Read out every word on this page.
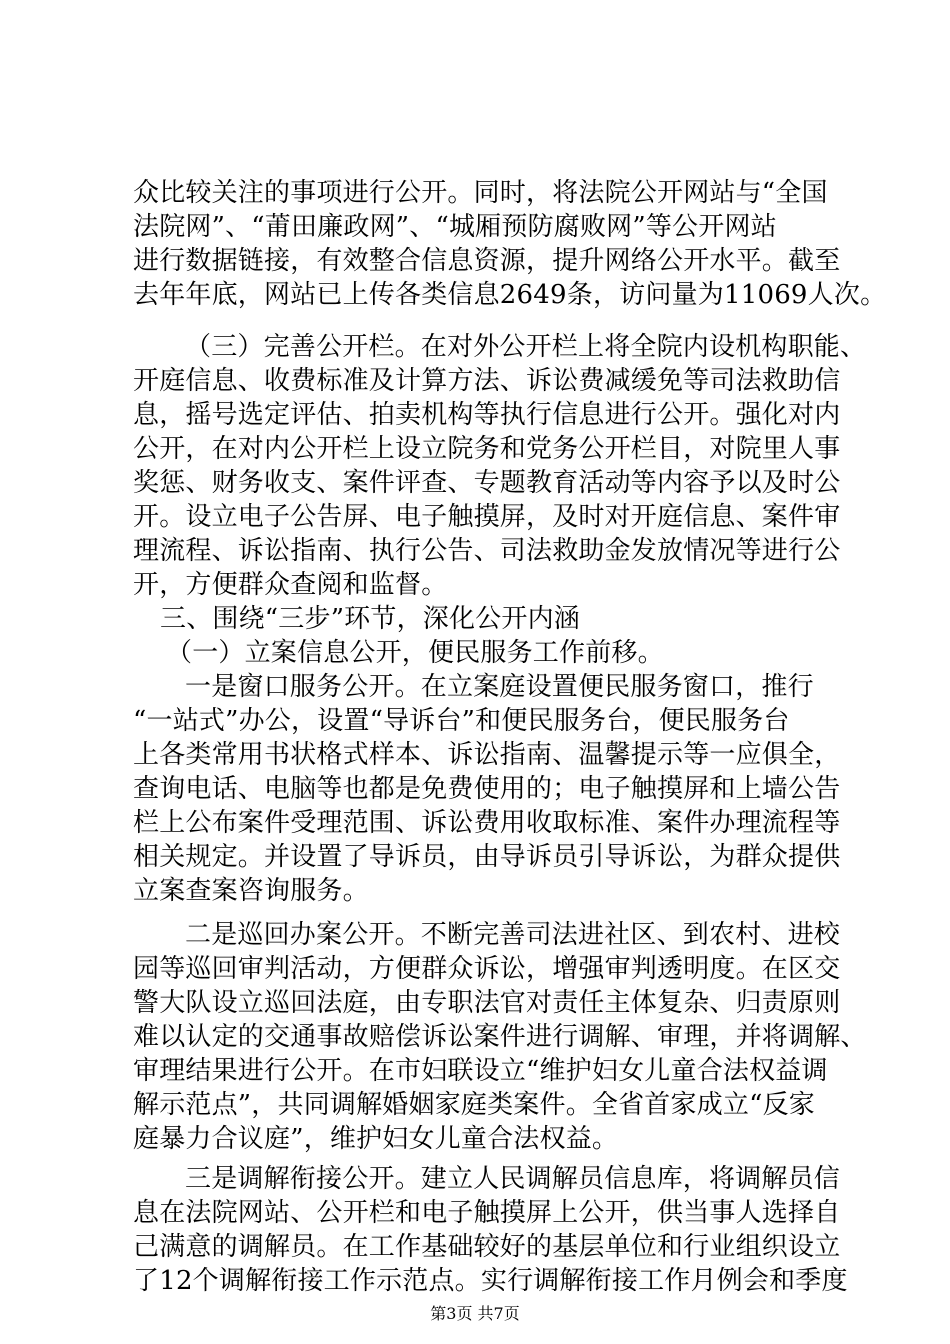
众比较关注的事项进行公开。同时，将法院公开网站与“全国
法院网”、“莆田廉政网”、“城厢预防腐败网”等公开网站
进行数据链接，有效整合信息资源，提升网络公开水平。截至
去年年底，网站已上传各类信息2649条，访问量为11069人次。
（三）完善公开栏。在对外公开栏上将全院内设机构职能、
开庭信息、收费标准及计算方法、诉讼费减缓免等司法救助信
息，摇号选定评估、拍卖机构等执行信息进行公开。强化对内
公开，在对内公开栏上设立院务和党务公开栏目，对院里人事
奖惩、财务收支、案件评查、专题教育活动等内容予以及时公
开。设立电子公告屏、电子触摸屏，及时对开庭信息、案件审
理流程、诉讼指南、执行公告、司法救助金发放情况等进行公
开，方便群众查阅和监督。
三、围绕“三步”环节，深化公开内涵
（一）立案信息公开，便民服务工作前移。
一是窗口服务公开。在立案庭设置便民服务窗口，推行
“一站式”办公，设置“导诉台”和便民服务台，便民服务台
上各类常用书状格式样本、诉讼指南、温馨提示等一应俱全，
查询电话、电脑等也都是免费使用的；电子触摸屏和上墙公告
栏上公布案件受理范围、诉讼费用收取标准、案件办理流程等
相关规定。并设置了导诉员，由导诉员引导诉讼，为群众提供
立案查案咨询服务。
二是巡回办案公开。不断完善司法进社区、到农村、进校
园等巡回审判活动，方便群众诉讼，增强审判透明度。在区交
警大队设立巡回法庭，由专职法官对责任主体复杂、归责原则
难以认定的交通事故赔偿诉讼案件进行调解、审理，并将调解、
审理结果进行公开。在市妇联设立“维护妇女儿童合法权益调
解示范点”，共同调解婚姻家庭类案件。全省首家成立“反家
庭暴力合议庭”，维护妇女儿童合法权益。
三是调解衔接公开。建立人民调解员信息库，将调解员信
息在法院网站、公开栏和电子触摸屏上公开，供当事人选择自
己满意的调解员。在工作基础较好的基层单位和行业组织设立
了12个调解衔接工作示范点。实行调解衔接工作月例会和季度
第3页 共7页
